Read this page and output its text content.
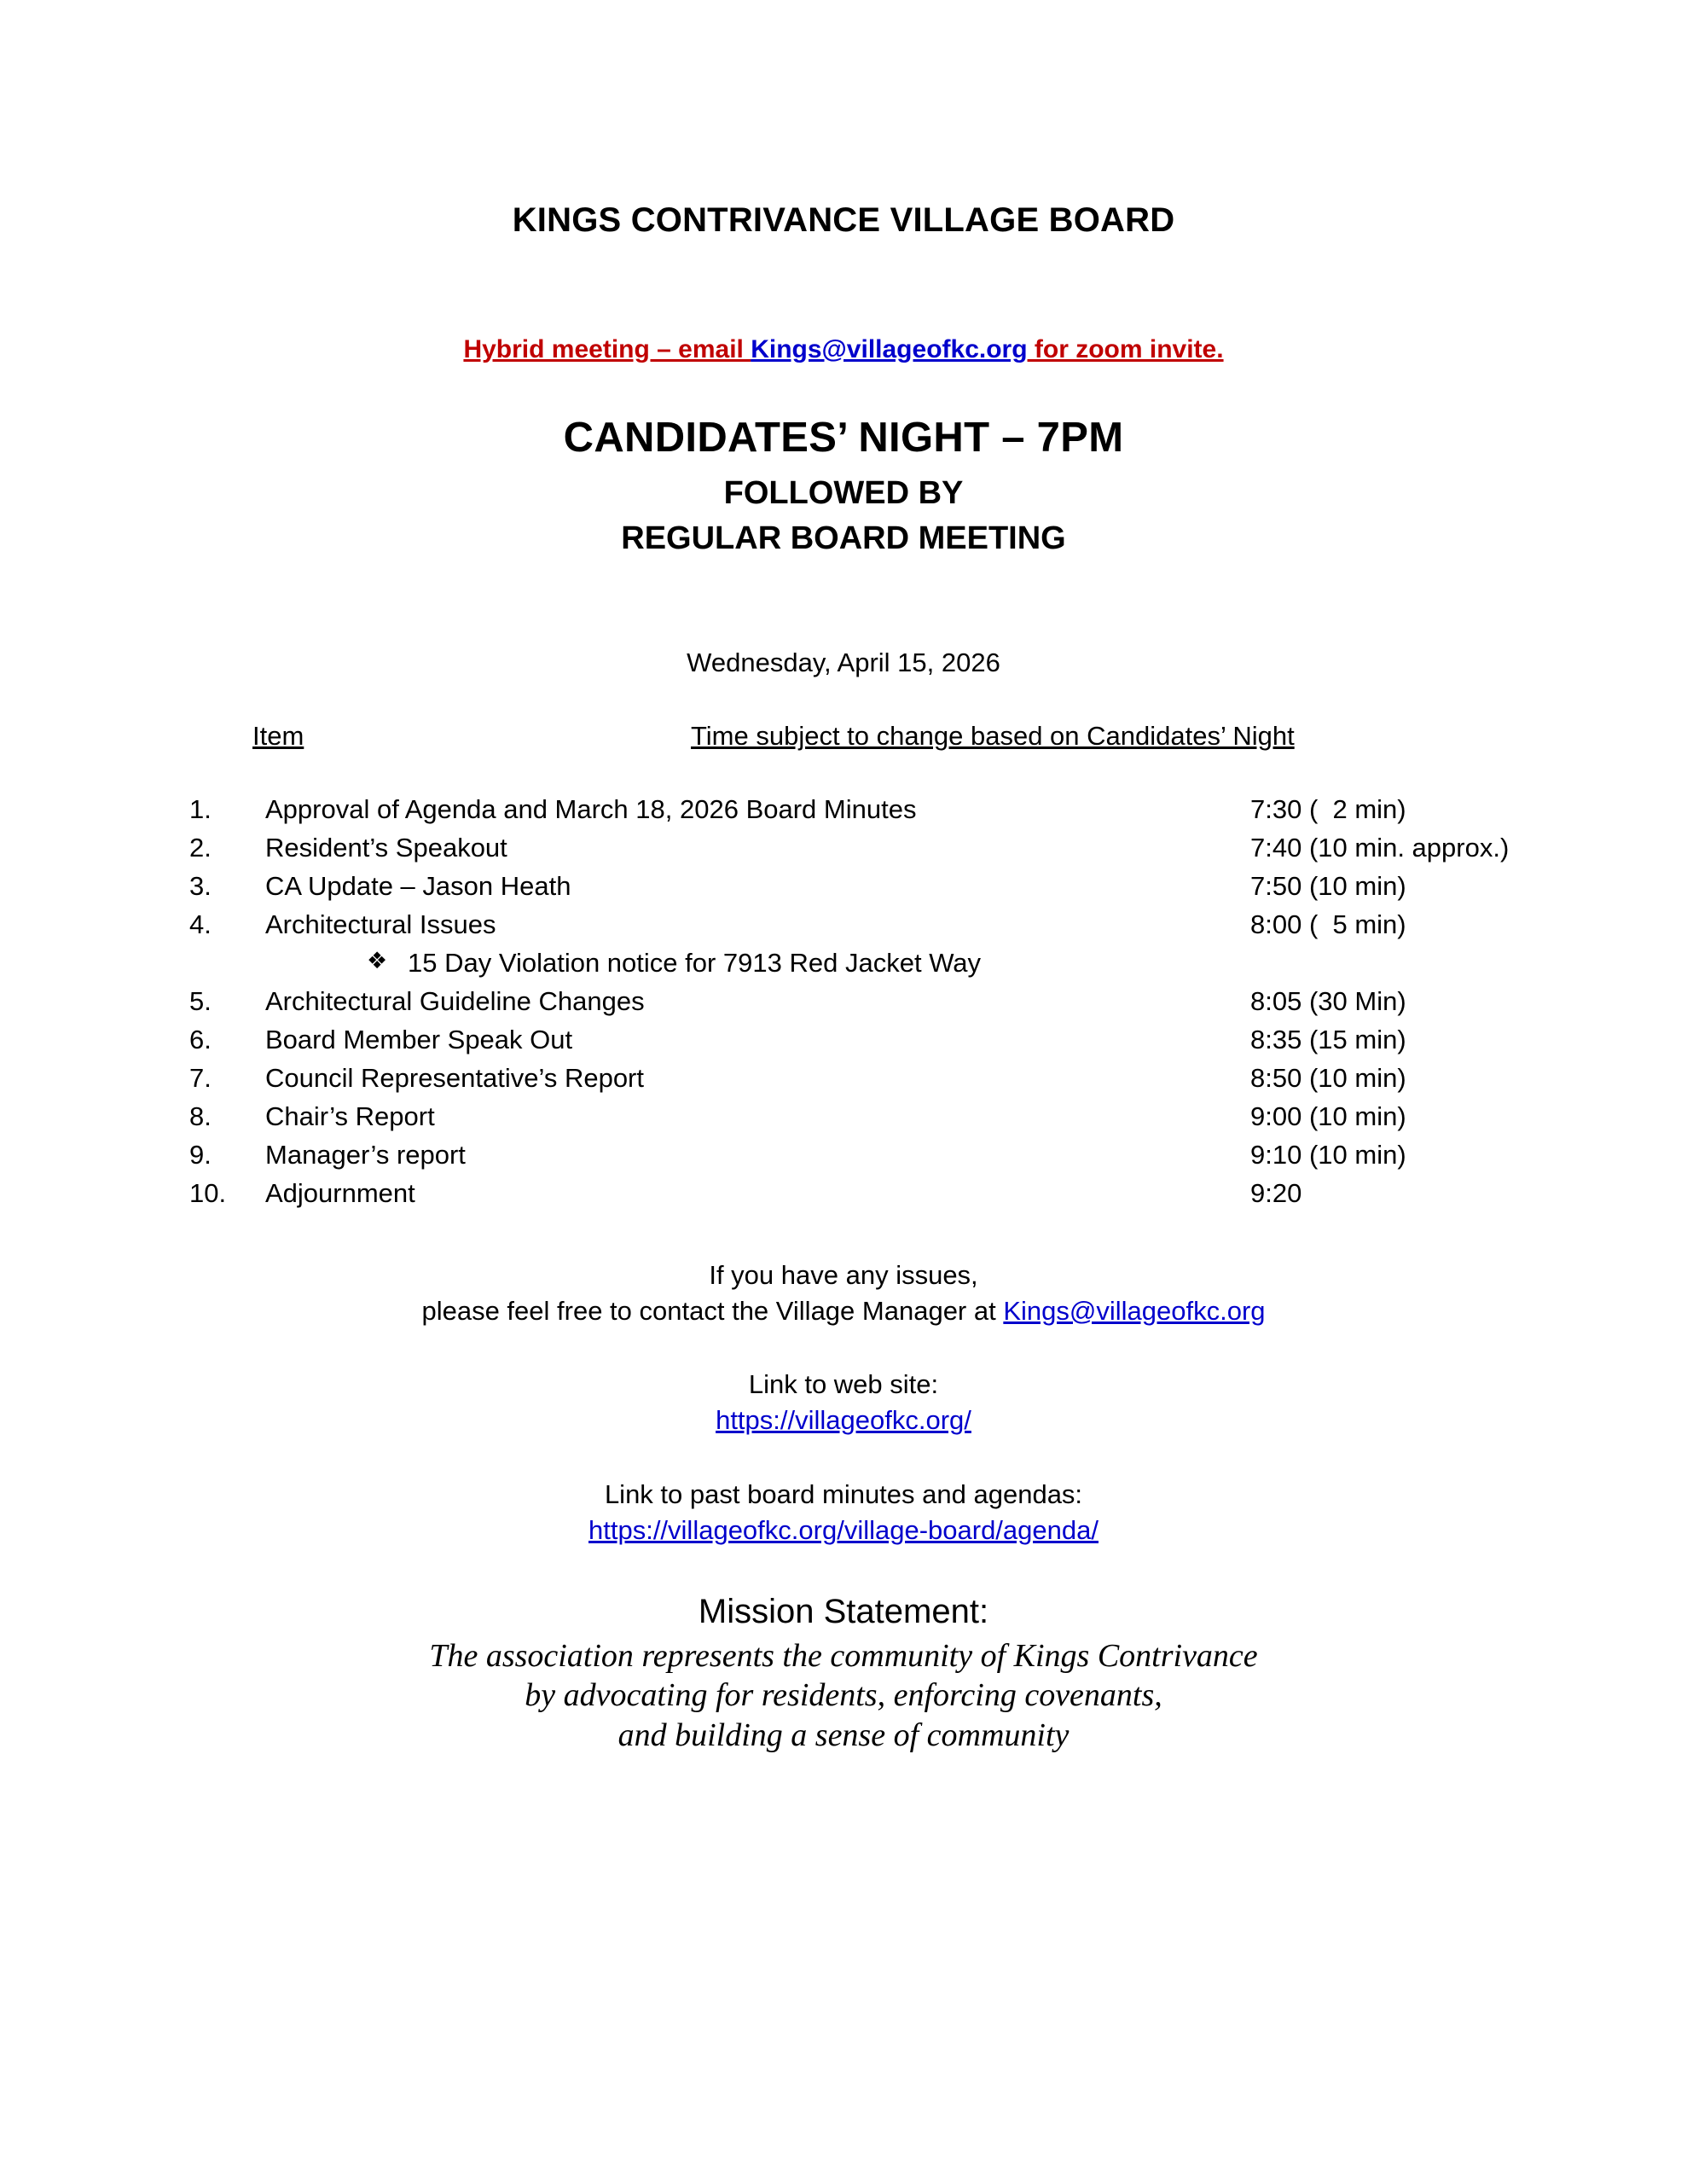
KINGS CONTRIVANCE VILLAGE BOARD
Hybrid meeting – email Kings@villageofkc.org for zoom invite.
CANDIDATES’ NIGHT – 7PM
FOLLOWED BY
REGULAR BOARD MEETING
Wednesday, April 15, 2026
Item	Time subject to change based on Candidates’ Night
1.	Approval of Agenda and March 18, 2026 Board Minutes	7:30 (  2 min)
2.	Resident’s Speakout	7:40 (10 min. approx.)
3.	CA Update – Jason Heath	7:50 (10 min)
4.	Architectural Issues	8:00 (  5 min)
❖ 15 Day Violation notice for 7913 Red Jacket Way
5.	Architectural Guideline Changes	8:05 (30 Min)
6.	Board Member Speak Out	8:35 (15 min)
7.	Council Representative’s Report	8:50 (10 min)
8.	Chair’s Report	9:00 (10 min)
9.	Manager’s report	9:10 (10 min)
10.	Adjournment	9:20
If you have any issues,
please feel free to contact the Village Manager at Kings@villageofkc.org
Link to web site:
https://villageofkc.org/
Link to past board minutes and agendas:
https://villageofkc.org/village-board/agenda/
Mission Statement:
The association represents the community of Kings Contrivance
by advocating for residents, enforcing covenants,
and building a sense of community
